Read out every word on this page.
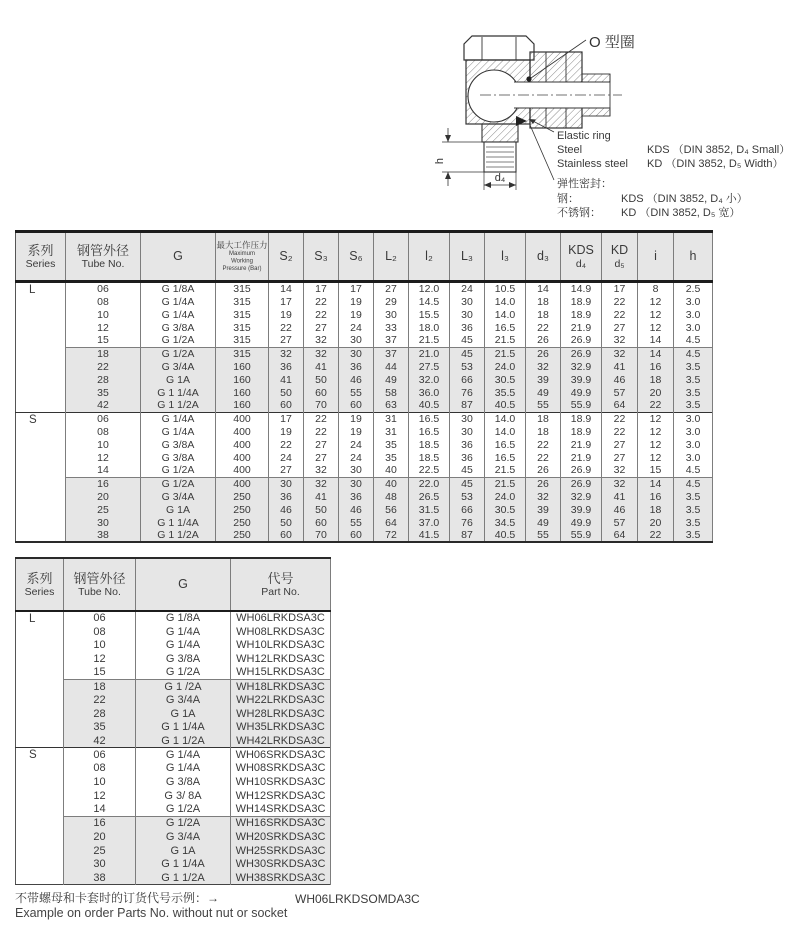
h
d₄
O 型圈
Elastic ring
Steel	KDS （DIN 3852, D₄ Small）
Stainless steel	KD （DIN 3852, D₅ Width）
弹性密封：
钢：	KDS （DIN 3852, D₄ 小）
不锈钢：	KD （DIN 3852, D₅ 宽）
系列
Series

钢管外径
Tube No.

G

最大工作压力
Maximum Working
Pressure (Bar)

S₂	S₃	S₆	L₂	l₂	L₃	l₃	d₃	KDS
d₄

KD
d₅

i	h

L	06	G 1/8A	315	14	17	17	27	12.0	24	10.5	14	14.9	17	8	2.5
	08	G 1/4A	315	17	22	19	29	14.5	30	14.0	18	18.9	22	12	3.0
	10	G 1/4A	315	19	22	19	30	15.5	30	14.0	18	18.9	22	12	3.0
	12	G 3/8A	315	22	27	24	33	18.0	36	16.5	22	21.9	27	12	3.0
	15	G 1/2A	315	27	32	30	37	21.5	45	21.5	26	26.9	32	14	4.5
	18	G 1/2A	315	32	32	30	37	21.0	45	21.5	26	26.9	32	14	4.5
	22	G 3/4A	160	36	41	36	44	27.5	53	24.0	32	32.9	41	16	3.5
	28	G 1A	160	41	50	46	49	32.0	66	30.5	39	39.9	46	18	3.5
	35	G 1 1/4A	160	50	60	55	58	36.0	76	35.5	49	49.9	57	20	3.5
	42	G 1 1/2A	160	60	70	60	63	40.5	87	40.5	55	55.9	64	22	3.5
S	06	G 1/4A	400	17	22	19	31	16.5	30	14.0	18	18.9	22	12	3.0
	08	G 1/4A	400	19	22	19	31	16.5	30	14.0	18	18.9	22	12	3.0
	10	G 3/8A	400	22	27	24	35	18.5	36	16.5	22	21.9	27	12	3.0
	12	G 3/8A	400	24	27	24	35	18.5	36	16.5	22	21.9	27	12	3.0
	14	G 1/2A	400	27	32	30	40	22.5	45	21.5	26	26.9	32	15	4.5
	16	G 1/2A	400	30	32	30	40	22.0	45	21.5	26	26.9	32	14	4.5
	20	G 3/4A	250	36	41	36	48	26.5	53	24.0	32	32.9	41	16	3.5
	25	G 1A	250	46	50	46	56	31.5	66	30.5	39	39.9	46	18	3.5
	30	G 1 1/4A	250	50	60	55	64	37.0	76	34.5	49	49.9	57	20	3.5
	38	G 1 1/2A	250	60	70	60	72	41.5	87	40.5	55	55.9	64	22	3.5
系列
Series

钢管外径
Tube No.

G	代号
Part No.

L	06	G 1/8A	WH06LRKDSA3C
	08	G 1/4A	WH08LRKDSA3C
	10	G 1/4A	WH10LRKDSA3C
	12	G 3/8A	WH12LRKDSA3C
	15	G 1/2A	WH15LRKDSA3C
	18	G 1 /2A	WH18LRKDSA3C
	22	G 3/4A	WH22LRKDSA3C
	28	G 1A	WH28LRKDSA3C
	35	G 1 1/4A	WH35LRKDSA3C
	42	G 1 1/2A	WH42LRKDSA3C
S	06	G 1/4A	WH06SRKDSA3C
	08	G 1/4A	WH08SRKDSA3C
	10	G 3/8A	WH10SRKDSA3C
	12	G 3/ 8A	WH12SRKDSA3C
	14	G 1/2A	WH14SRKDSA3C
	16	G 1/2A	WH16SRKDSA3C
	20	G 3/4A	WH20SRKDSA3C
	25	G 1A	WH25SRKDSA3C
	30	G 1 1/4A	WH30SRKDSA3C
	38	G 1 1/2A	WH38SRKDSA3C
不带螺母和卡套时的订货代号示例：→
Example on order Parts No. without nut or socket
WH06LRKDSOMDA3C
